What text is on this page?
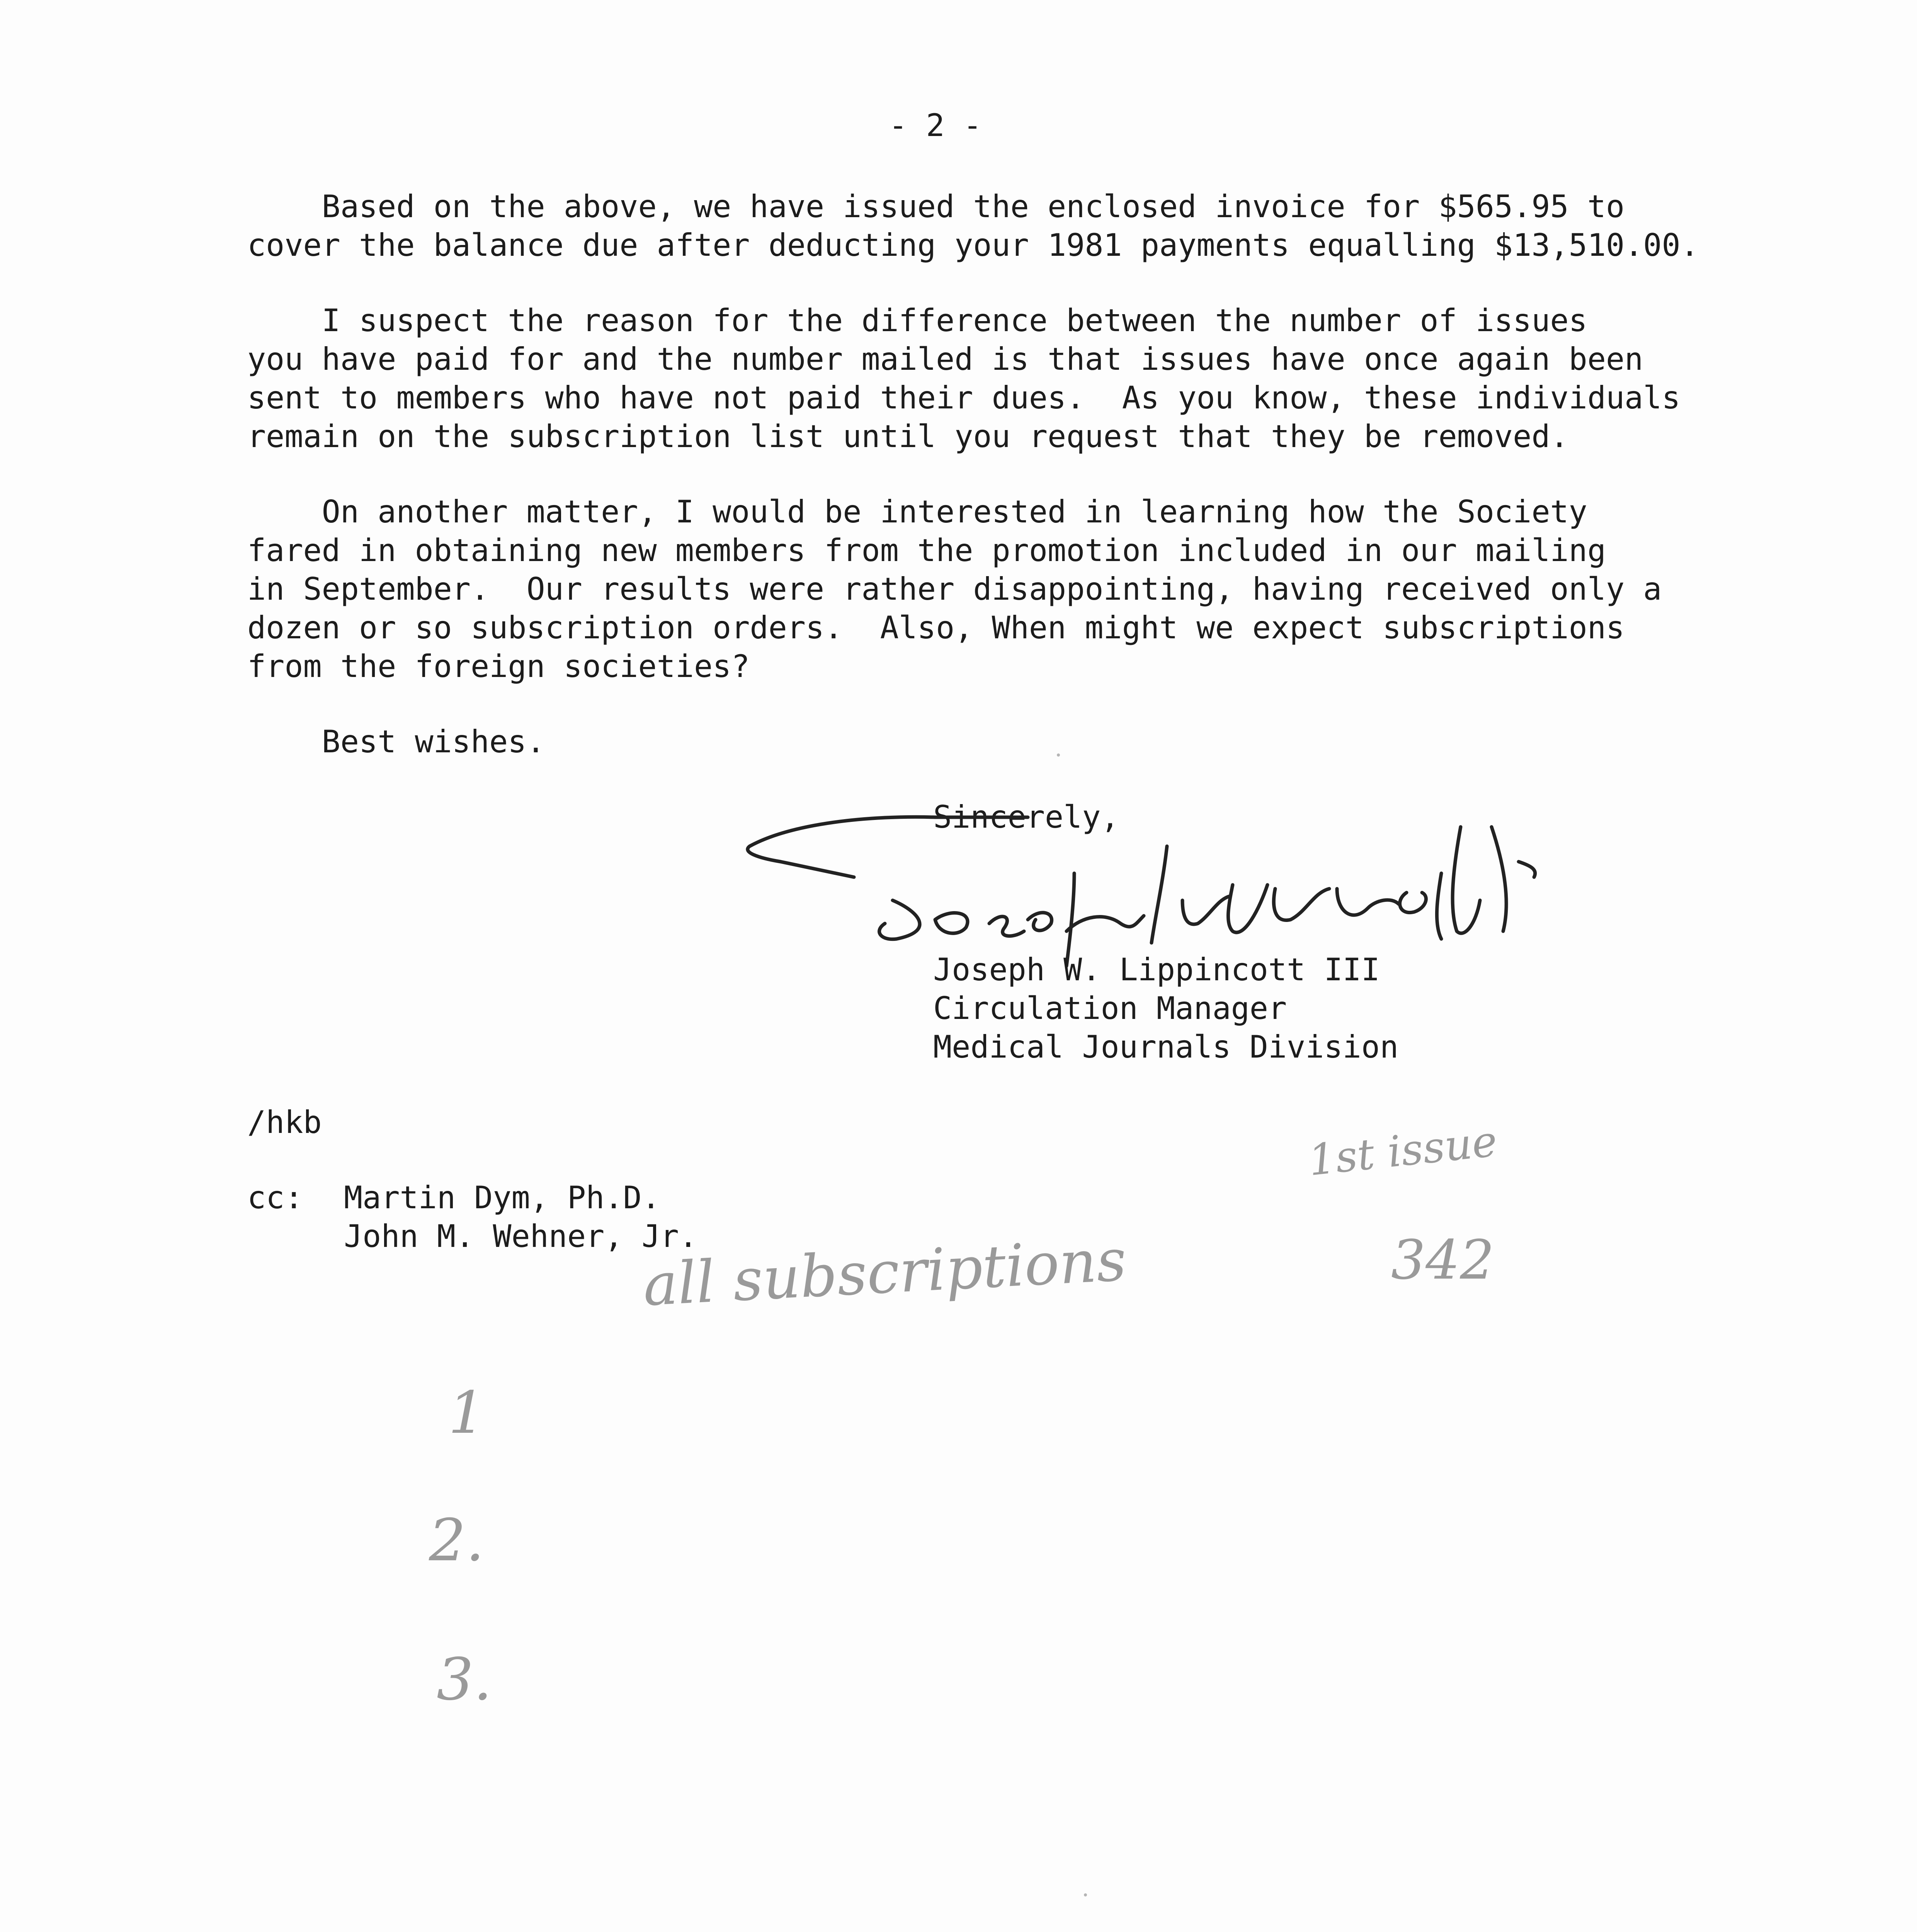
- 2 -
Based on the above, we have issued the enclosed invoice for $565.95 to
cover the balance due after deducting your 1981 payments equalling $13,510.00.
I suspect the reason for the difference between the number of issues
you have paid for and the number mailed is that issues have once again been
sent to members who have not paid their dues.  As you know, these individuals
remain on the subscription list until you request that they be removed.
On another matter, I would be interested in learning how the Society
fared in obtaining new members from the promotion included in our mailing
in September.  Our results were rather disappointing, having received only a
dozen or so subscription orders.  Also, When might we expect subscriptions
from the foreign societies?
Best wishes.
Sincerely,
Joseph W. Lippincott III
Circulation Manager
Medical Journals Division
/hkb
cc: Martin Dym, Ph.D.
John M. Wehner, Jr.
1st issue
342
all subscriptions
1
2.
3.
